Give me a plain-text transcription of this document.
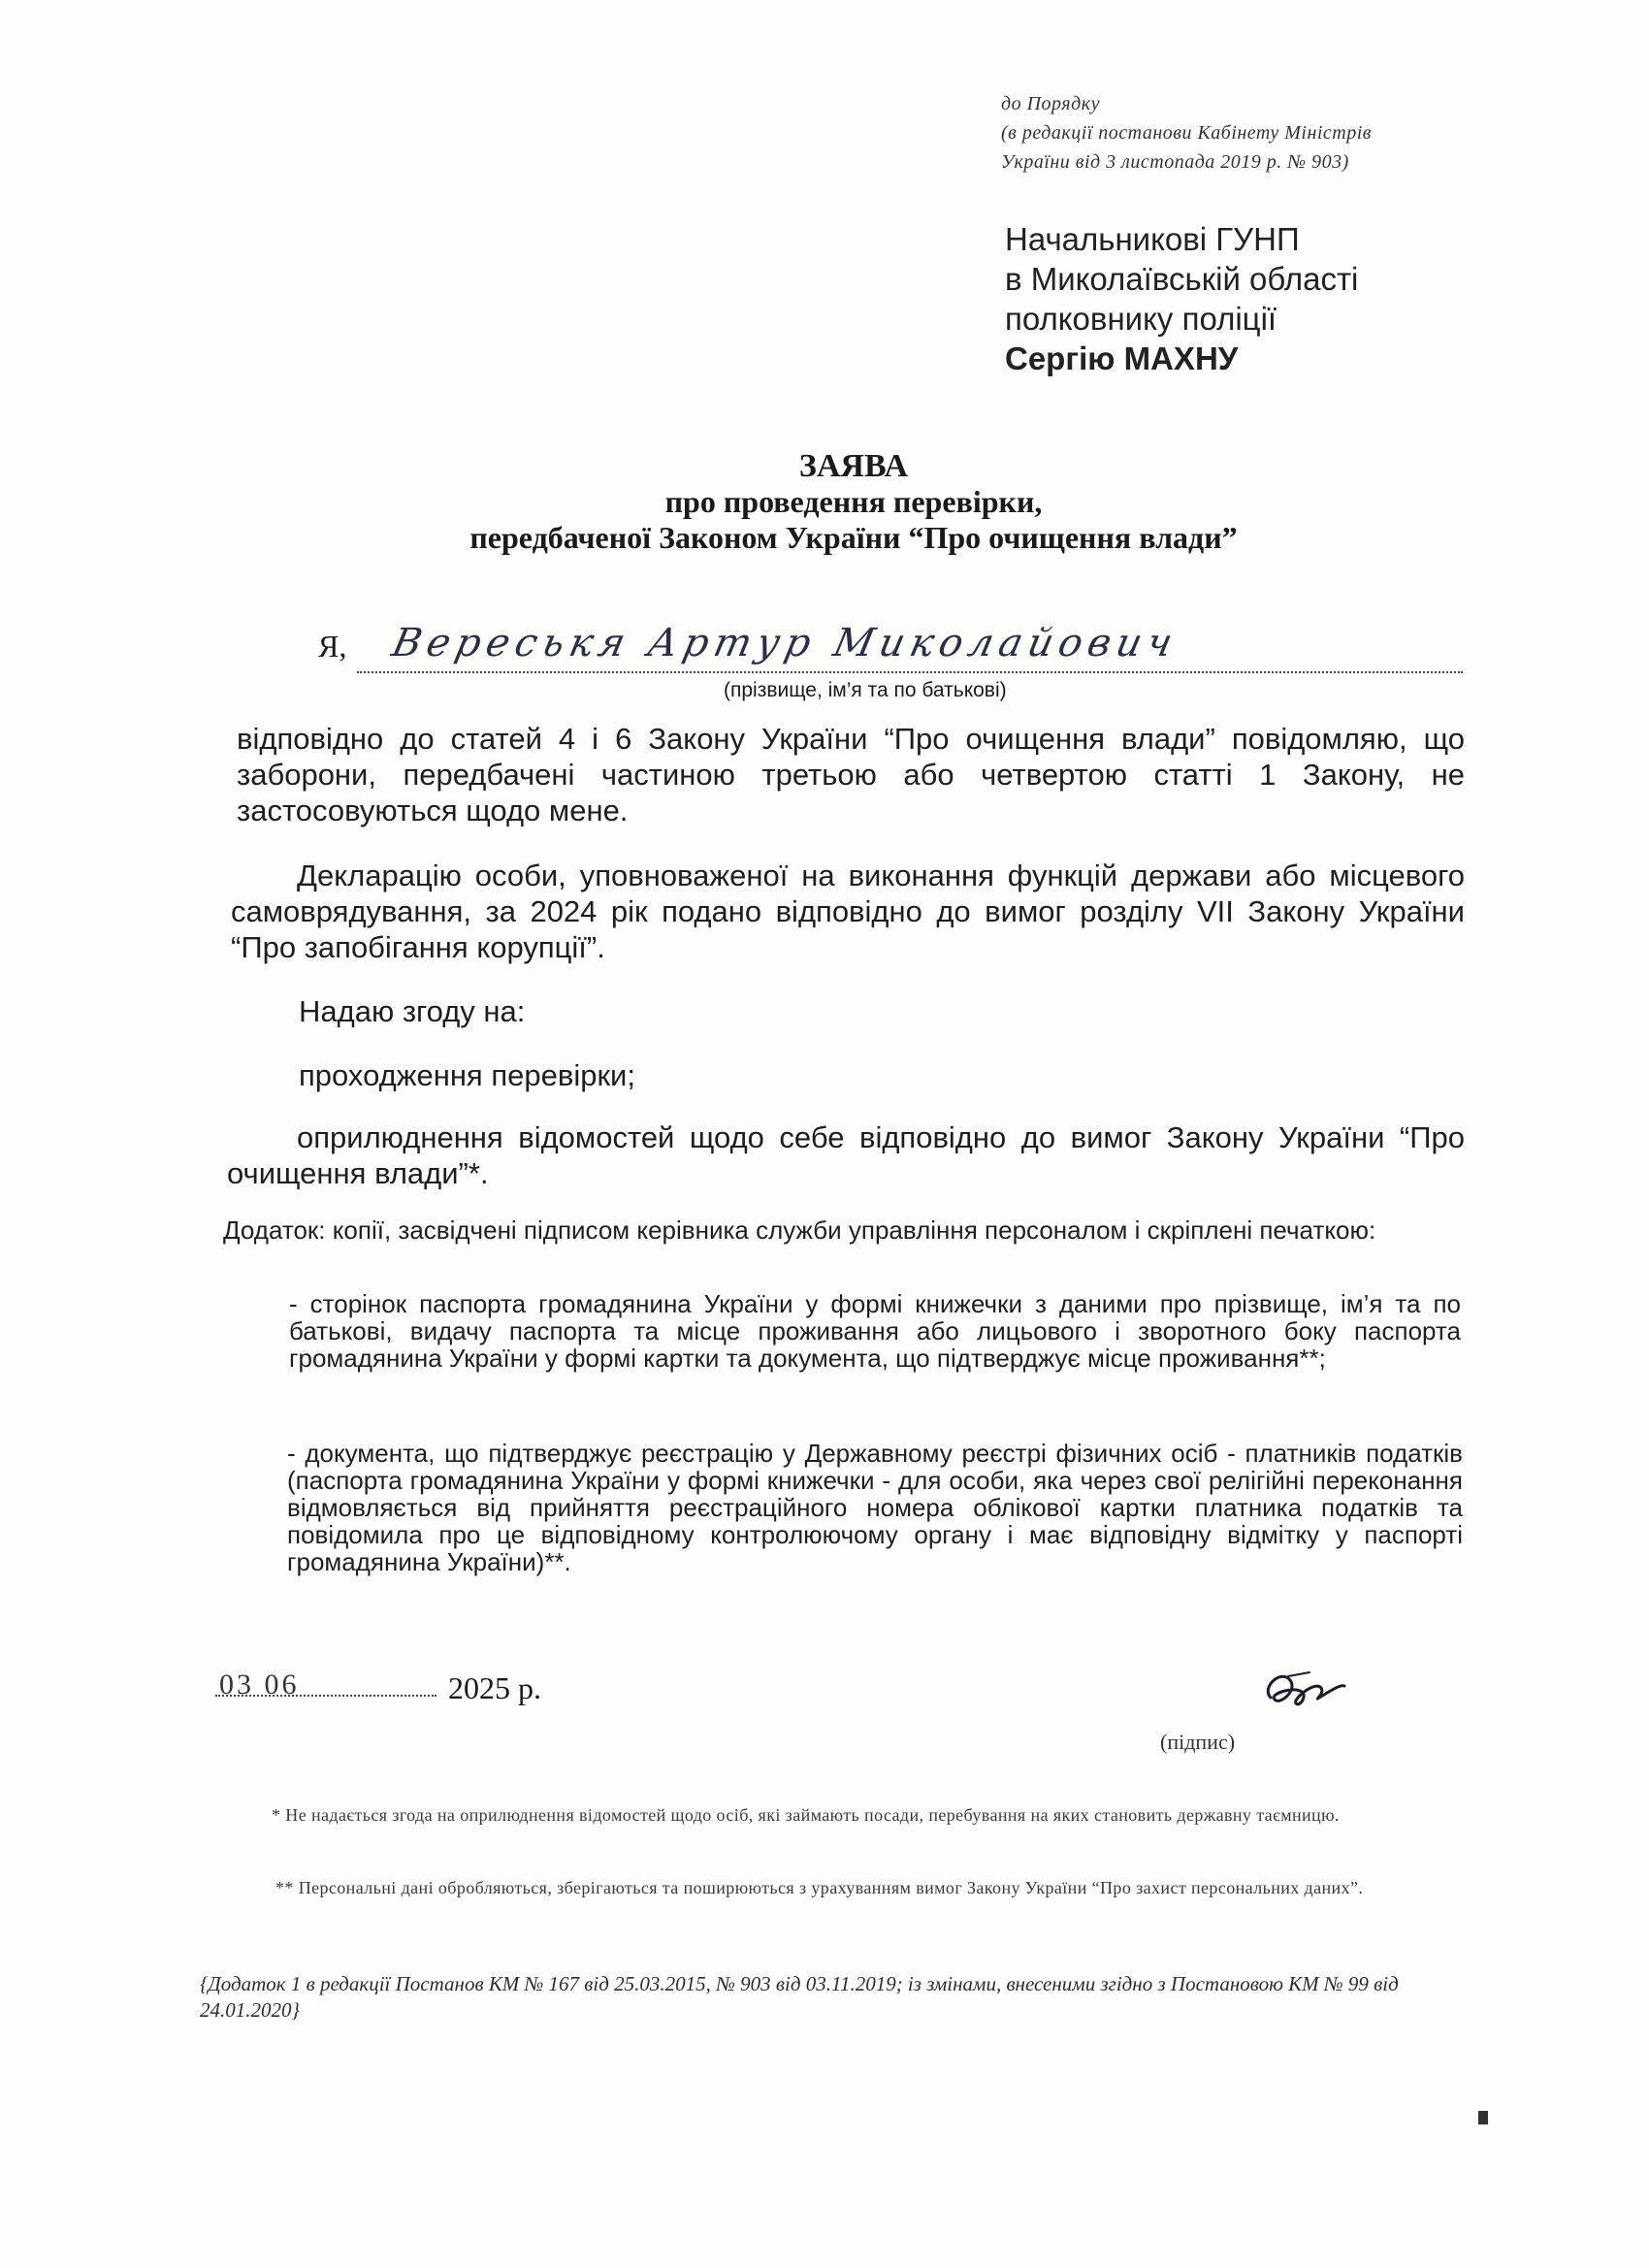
до Порядку
(в редакції постанови Кабінету Міністрів
України від 3 листопада 2019 р. № 903)
Начальникові ГУНП
в Миколаївській області
полковнику поліції
Сергію МАХНУ
ЗАЯВА
про проведення перевірки,
передбаченої Законом України “Про очищення влади”
Я, Вереськя Артур Миколайович
(прізвище, ім’я та по батькові)
відповідно до статей 4 і 6 Закону України “Про очищення влади” повідомляю, що заборони, передбачені частиною третьою або четвертою статті 1 Закону, не застосовуються щодо мене.
Декларацію особи, уповноваженої на виконання функцій держави або місцевого самоврядування, за 2024 рік подано відповідно до вимог розділу VII Закону України “Про запобігання корупції”.
Надаю згоду на:
проходження перевірки;
оприлюднення відомостей щодо себе відповідно до вимог Закону України “Про очищення влади”*.
Додаток: копії, засвідчені підписом керівника служби управління персоналом і скріплені печаткою:
- сторінок паспорта громадянина України у формі книжечки з даними про прізвище, ім’я та по батькові, видачу паспорта та місце проживання або лицьового і зворотного боку паспорта громадянина України у формі картки та документа, що підтверджує місце проживання**;
- документа, що підтверджує реєстрацію у Державному реєстрі фізичних осіб - платників податків (паспорта громадянина України у формі книжечки - для особи, яка через свої релігійні переконання відмовляється від прийняття реєстраційного номера облікової картки платника податків та повідомила про це відповідному контролюючому органу і має відповідну відмітку у паспорті громадянина України)**.
03 06	2025 р.
(підпис)
* Не надається згода на оприлюднення відомостей щодо осіб, які займають посади, перебування на яких становить державну таємницю.
** Персональні дані обробляються, зберігаються та поширюються з урахуванням вимог Закону України “Про захист персональних даних”.
{Додаток 1 в редакції Постанов КМ № 167 від 25.03.2015, № 903 від 03.11.2019; із змінами, внесеними згідно з Постановою КМ № 99 від 24.01.2020}
